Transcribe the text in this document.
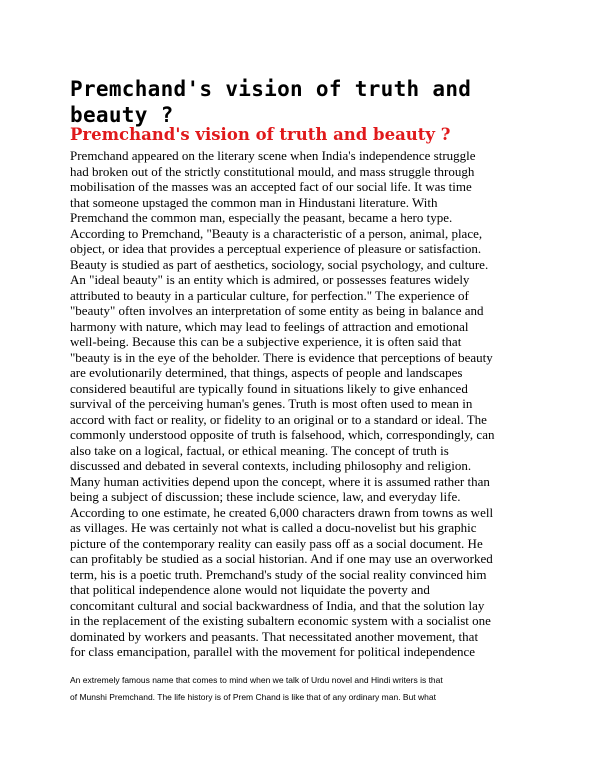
Premchand's vision of truth and beauty ?
Premchand's vision of truth and beauty ?
Premchand appeared on the literary scene when India's independence struggle
had broken out of the strictly constitutional mould, and mass struggle through
mobilisation of the masses was an accepted fact of our social life. It was time
that someone upstaged the common man in Hindustani literature. With
Premchand the common man, especially the peasant, became a hero type.
According to Premchand, "Beauty is a characteristic of a person, animal, place,
object, or idea that provides a perceptual experience of pleasure or satisfaction.
Beauty is studied as part of aesthetics, sociology, social psychology, and culture.
An "ideal beauty" is an entity which is admired, or possesses features widely
attributed to beauty in a particular culture, for perfection." The experience of
"beauty" often involves an interpretation of some entity as being in balance and
harmony with nature, which may lead to feelings of attraction and emotional
well-being. Because this can be a subjective experience, it is often said that
"beauty is in the eye of the beholder. There is evidence that perceptions of beauty
are evolutionarily determined, that things, aspects of people and landscapes
considered beautiful are typically found in situations likely to give enhanced
survival of the perceiving human's genes. Truth is most often used to mean in
accord with fact or reality, or fidelity to an original or to a standard or ideal. The
commonly understood opposite of truth is falsehood, which, correspondingly, can
also take on a logical, factual, or ethical meaning. The concept of truth is
discussed and debated in several contexts, including philosophy and religion.
Many human activities depend upon the concept, where it is assumed rather than
being a subject of discussion; these include science, law, and everyday life.
According to one estimate, he created 6,000 characters drawn from towns as well
as villages. He was certainly not what is called a docu-novelist but his graphic
picture of the contemporary reality can easily pass off as a social document. He
can profitably be studied as a social historian. And if one may use an overworked
term, his is a poetic truth. Premchand's study of the social reality convinced him
that political independence alone would not liquidate the poverty and
concomitant cultural and social backwardness of India, and that the solution lay
in the replacement of the existing subaltern economic system with a socialist one
dominated by workers and peasants. That necessitated another movement, that
for class emancipation, parallel with the movement for political independence
An extremely famous name that comes to mind when we talk of Urdu novel and Hindi writers is that
of Munshi Premchand. The life history is of Prem Chand is like that of any ordinary man. But what
